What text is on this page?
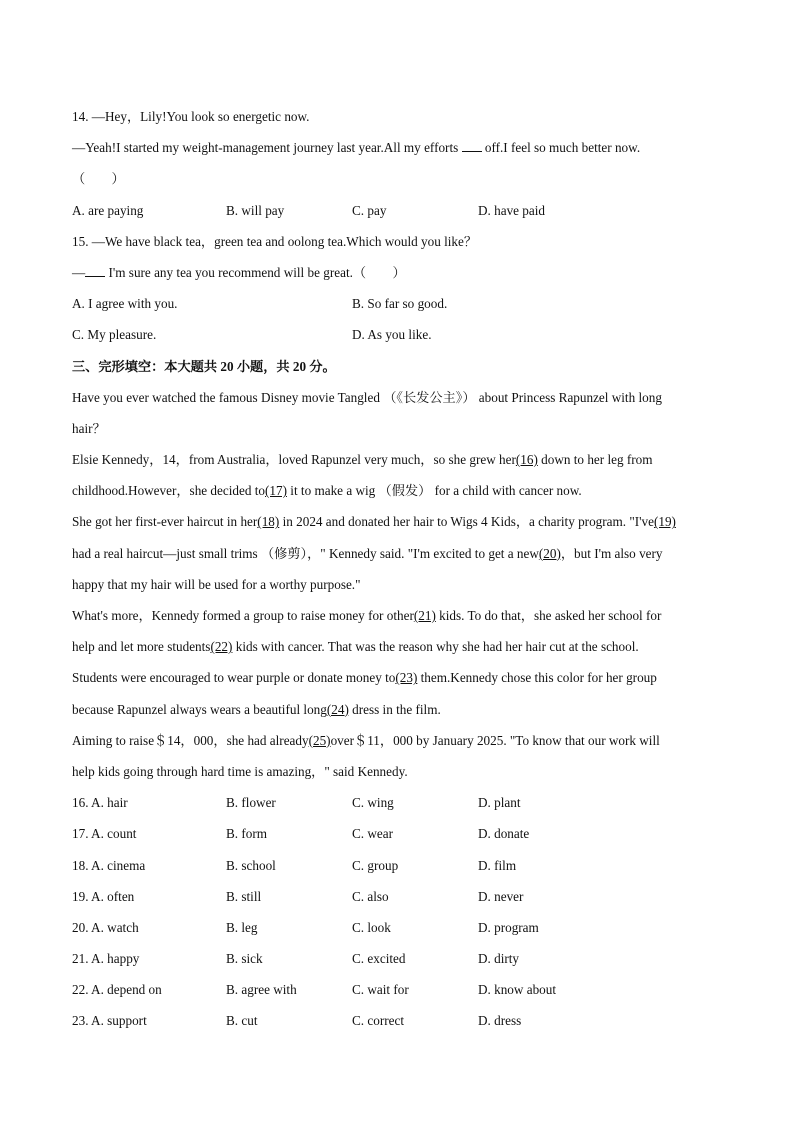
14. —Hey，Lily!You look so energetic now.
—Yeah!I started my weight-management journey last year.All my efforts  off.I feel so much better now.
（　　）
A. are paying	B. will pay	C. pay	D. have paid
15. —We have black tea，green tea and oolong tea.Which would you like？
— I'm sure any tea you recommend will be great.（　　）
A. I agree with you.	B. So far so good.
C. My pleasure.	D. As you like.
三、完形填空：本大题共 20 小题，共 20 分。
Have you ever watched the famous Disney movie Tangled （《长发公主》） about Princess Rapunzel with long
hair？
Elsie Kennedy，14，from Australia，loved Rapunzel very much，so she grew her(16) down to her leg from
childhood.However，she decided to(17) it to make a wig （假发） for a child with cancer now.
She got her first-ever haircut in her(18) in 2024 and donated her hair to Wigs 4 Kids，a charity program. "I've(19)
had a real haircut—just small trims （修剪），" Kennedy said. "I'm excited to get a new(20)，but I'm also very
happy that my hair will be used for a worthy purpose."
What's more，Kennedy formed a group to raise money for other(21) kids. To do that，she asked her school for
help and let more students(22) kids with cancer. That was the reason why she had her hair cut at the school.
Students were encouraged to wear purple or donate money to(23) them.Kennedy chose this color for her group
because Rapunzel always wears a beautiful long(24) dress in the film.
Aiming to raise＄14，000，she had already(25)over＄11，000 by January 2025. "To know that our work will
help kids going through hard time is amazing，" said Kennedy.
16. A. hair	B. flower	C. wing	D. plant
17. A. count	B. form	C. wear	D. donate
18. A. cinema	B. school	C. group	D. film
19. A. often	B. still	C. also	D. never
20. A. watch	B. leg	C. look	D. program
21. A. happy	B. sick	C. excited	D. dirty
22. A. depend on	B. agree with	C. wait for	D. know about
23. A. support	B. cut	C. correct	D. dress
